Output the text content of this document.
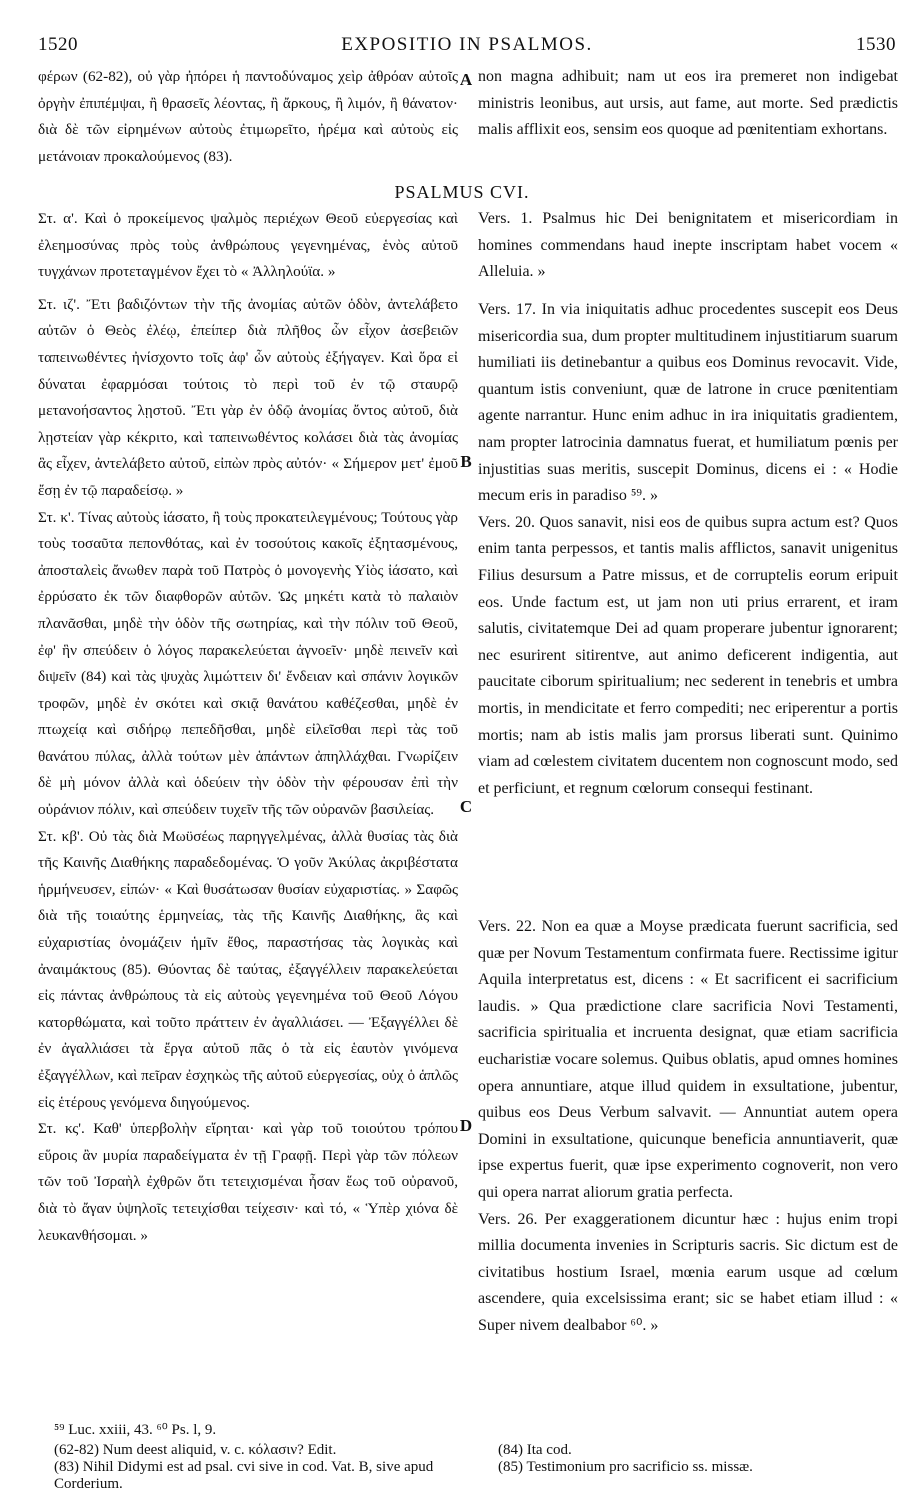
1520	EXPOSITIO IN PSALMOS.	1530

φέρων (62-82), οὐ γὰρ ἠπόρει ἡ παντοδύναμος χεὶρ ἀθρόαν αὐτοῖς ὀργὴν ἐπιπέμψαι, ἢ θρασεῖς λέοντας, ἢ ἄρκους, ἢ λιμόν, ἢ θάνατον· διὰ δὲ τῶν εἰρημένων αὐτοὺς ἐτιμωρεῖτο, ἠρέμα καὶ αὐτοὺς εἰς μετάνοιαν προκαλούμενος (83).

PSALMUS CVI.

Στ. α'. Καὶ ὁ προκείμενος ψαλμὸς περιέχων Θεοῦ εὐεργεσίας καὶ ἐλεημοσύνας πρὸς τοὺς ἀνθρώπους γεγενημένας, ἑνὸς αὐτοῦ τυγχάνων προτεταγμένον ἔχει τὸ « Ἀλληλούϊα. »

Στ. ιζ'. Ἔτι βαδιζόντων τὴν τῆς ἀνομίας αὐτῶν ὁδὸν, ἀντελάβετο αὐτῶν ὁ Θεὸς ἐλέῳ, ἐπείπερ διὰ πλῆθος ὧν εἶχον ἀσεβειῶν ταπεινωθέντες ἠνίσχοντο τοῖς ἀφ' ὧν αὐτοὺς ἐξήγαγεν. Καὶ ὅρα εἰ δύναται ἐφαρμόσαι τούτοις τὸ περὶ τοῦ ἐν τῷ σταυρῷ μετανοήσαντος λῃστοῦ. Ἔτι γὰρ ἐν ὁδῷ ἀνομίας ὄντος αὐτοῦ, διὰ λῃστείαν γὰρ κέκριτο, καὶ ταπεινωθέντος κολάσει διὰ τὰς ἀνομίας ἃς εἶχεν, ἀντελάβετο αὐτοῦ, εἰπὼν πρὸς αὐτόν· « Σήμερον μετ' ἐμοῦ ἔσῃ ἐν τῷ παραδείσῳ. »

Στ. κ'. Τίνας αὐτοὺς ἰάσατο, ἢ τοὺς προκατειλεγμένους; Τούτους γὰρ τοὺς τοσαῦτα πεπονθότας, καὶ ἐν τοσούτοις κακοῖς ἐξητασμένους, ἀποσταλεὶς ἄνωθεν παρὰ τοῦ Πατρὸς ὁ μονογενὴς Υἱὸς ἰάσατο, καὶ ἐρρύσατο ἐκ τῶν διαφθορῶν αὐτῶν. Ὡς μηκέτι κατὰ τὸ παλαιὸν πλανᾶσθαι, μηδὲ τὴν ὁδὸν τῆς σωτηρίας, καὶ τὴν πόλιν τοῦ Θεοῦ, ἐφ' ἣν σπεύδειν ὁ λόγος παρακελεύεται ἀγνοεῖν· μηδὲ πεινεῖν καὶ διψεῖν (84) καὶ τὰς ψυχὰς λιμώττειν δι' ἔνδειαν καὶ σπάνιν λογικῶν τροφῶν, μηδὲ ἐν σκότει καὶ σκιᾷ θανάτου καθέζεσθαι, μηδὲ ἐν πτωχείᾳ καὶ σιδήρῳ πεπεδῆσθαι, μηδὲ εἰλεῖσθαι περὶ τὰς τοῦ θανάτου πύλας, ἀλλὰ τούτων μὲν ἁπάντων ἀπηλλάχθαι. Γνωρίζειν δὲ μὴ μόνον ἀλλὰ καὶ ὁδεύειν τὴν ὁδὸν τὴν φέρουσαν ἐπὶ τὴν οὐράνιον πόλιν, καὶ σπεύδειν τυχεῖν τῆς τῶν οὐρανῶν βασιλείας.

Στ. κβ'. Οὐ τὰς διὰ Μωϋσέως παρηγγελμένας, ἀλλὰ θυσίας τὰς διὰ τῆς Καινῆς Διαθήκης παραδεδομένας. Ὁ γοῦν Ἀκύλας ἀκριβέστατα ἡρμήνευσεν, εἰπών· « Καὶ θυσάτωσαν θυσίαν εὐχαριστίας. » Σαφῶς διὰ τῆς τοιαύτης ἑρμηνείας, τὰς τῆς Καινῆς Διαθήκης, ἃς καὶ εὐχαριστίας ὀνομάζειν ἡμῖν ἔθος, παραστήσας τὰς λογικὰς καὶ ἀναιμάκτους (85). Θύοντας δὲ ταύτας, ἐξαγγέλλειν παρακελεύεται εἰς πάντας ἀνθρώπους τὰ εἰς αὐτοὺς γεγενημένα τοῦ Θεοῦ Λόγου κατορθώματα, καὶ τοῦτο πράττειν ἐν ἀγαλλιάσει. — Ἐξαγγέλλει δὲ ἐν ἀγαλλιάσει τὰ ἔργα αὐτοῦ πᾶς ὁ τὰ εἰς ἑαυτὸν γινόμενα ἐξαγγέλλων, καὶ πεῖραν ἐσχηκὼς τῆς αὐτοῦ εὐεργεσίας, οὐχ ὁ ἁπλῶς εἰς ἑτέρους γενόμενα διηγούμενος.

Στ. κς'. Καθ' ὑπερβολὴν εἴρηται· καὶ γὰρ τοῦ τοιούτου τρόπου εὕροις ἂν μυρία παραδείγματα ἐν τῇ Γραφῇ. Περὶ γὰρ τῶν πόλεων τῶν τοῦ Ἰσραὴλ ἐχθρῶν ὅτι τετειχισμέναι ἦσαν ἕως τοῦ οὐρανοῦ, διὰ τὸ ἄγαν ὑψηλοῖς τετειχίσθαι τείχεσιν· καὶ τό, « Ὑπὲρ χιόνα δὲ λευκανθήσομαι. »

non magna adhibuit; nam ut eos ira premeret non indigebat ministris leonibus, aut ursis, aut fame, aut morte. Sed prædictis malis afflixit eos, sensim eos quoque ad pœnitentiam exhortans.

Vers. 1. Psalmus hic Dei benignitatem et misericordiam in homines commendans haud inepte inscriptam habet vocem « Alleluia. »

Vers. 17. In via iniquitatis adhuc procedentes suscepit eos Deus misericordia sua, dum propter multitudinem injustitiarum suarum humiliati iis detinebantur a quibus eos Dominus revocavit. Vide, quantum istis conveniunt, quæ de latrone in cruce pœnitentiam agente narrantur. Hunc enim adhuc in ira iniquitatis gradientem, nam propter latrocinia damnatus fuerat, et humiliatum pœnis per injustitias suas meritis, suscepit Dominus, dicens ei : « Hodie mecum eris in paradiso ⁵⁹. »

Vers. 20. Quos sanavit, nisi eos de quibus supra actum est? Quos enim tanta perpessos, et tantis malis afflictos, sanavit unigenitus Filius desursum a Patre missus, et de corruptelis eorum eripuit eos. Unde factum est, ut jam non uti prius errarent, et iram salutis, civitatemque Dei ad quam properare jubentur ignorarent; nec esurirent sitirentve, aut animo deficerent indigentia, aut paucitate ciborum spiritualium; nec sederent in tenebris et umbra mortis, in mendicitate et ferro compediti; nec eriperentur a portis mortis; nam ab istis malis jam prorsus liberati sunt. Quinimo viam ad cœlestem civitatem ducentem non cognoscunt modo, sed et perficiunt, et regnum cœlorum consequi festinant.

Vers. 22. Non ea quæ a Moyse prædicata fuerunt sacrificia, sed quæ per Novum Testamentum confirmata fuere. Rectissime igitur Aquila interpretatus est, dicens : « Et sacrificent ei sacrificium laudis. » Qua prædictione clare sacrificia Novi Testamenti, sacrificia spiritualia et incruenta designat, quæ etiam sacrificia eucharistiæ vocare solemus. Quibus oblatis, apud omnes homines opera annuntiare, atque illud quidem in exsultatione, jubentur, quibus eos Deus Verbum salvavit. — Annuntiat autem opera Domini in exsultatione, quicunque beneficia annuntiaverit, quæ ipse expertus fuerit, quæ ipse experimento cognoverit, non vero qui opera narrat aliorum gratia perfecta.

Vers. 26. Per exaggerationem dicuntur hæc : hujus enim tropi millia documenta invenies in Scripturis sacris. Sic dictum est de civitatibus hostium Israel, mœnia earum usque ad cœlum ascendere, quia excelsissima erant; sic se habet etiam illud : « Super nivem dealbabor ⁶⁰. »

A
B
C
D
⁵⁹ Luc. xxiii, 43. ⁶⁰ Ps. l, 9.
(62-82) Num deest aliquid, v. c. κόλασιν? Edit.
(83) Nihil Didymi est ad psal. cvi sive in cod. Vat. B, sive apud Corderium.
(84) Ita cod.
(85) Testimonium pro sacrificio ss. missæ.
